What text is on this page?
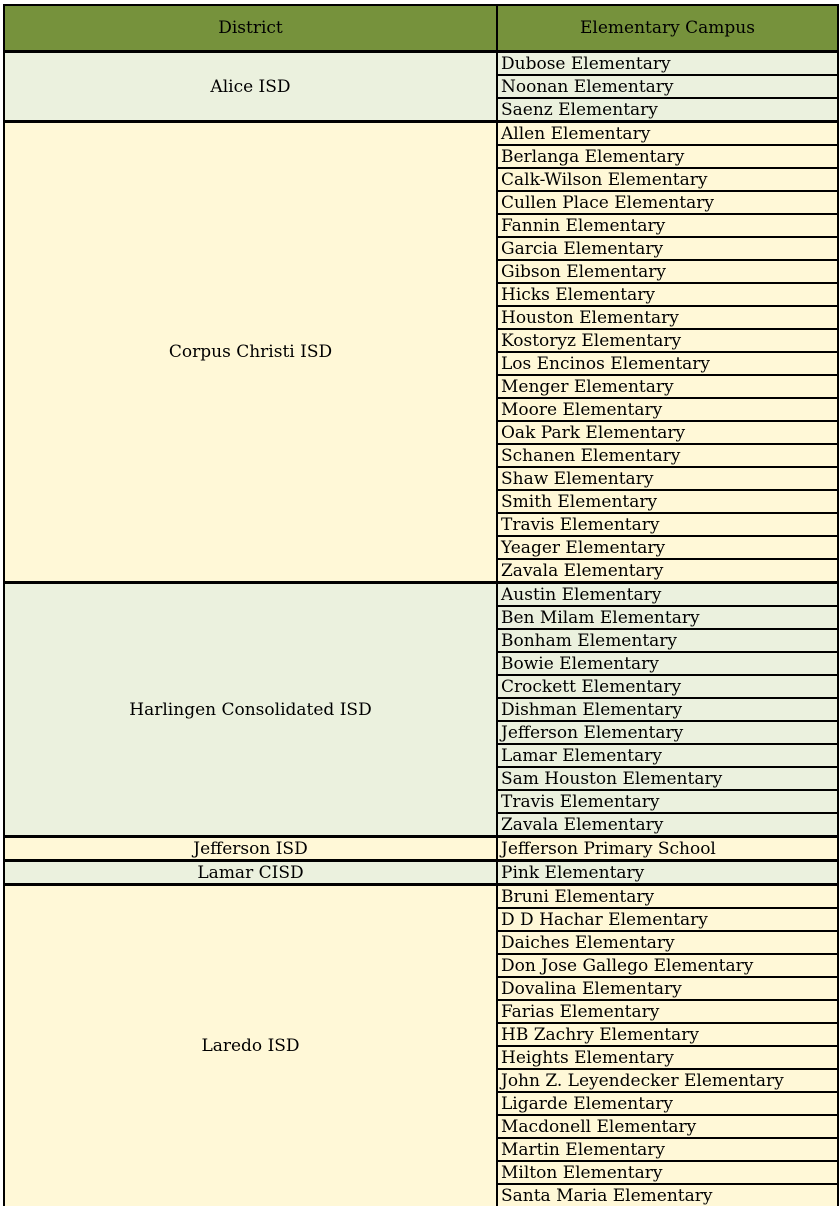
District	Elementary Campus
Alice ISD	Dubose Elementary
	Noonan Elementary
	Saenz Elementary
Corpus Christi ISD	Allen Elementary
	Berlanga Elementary
	Calk-Wilson Elementary
	Cullen Place Elementary
	Fannin Elementary
	Garcia Elementary
	Gibson Elementary
	Hicks Elementary
	Houston Elementary
	Kostoryz Elementary
	Los Encinos Elementary
	Menger Elementary
	Moore Elementary
	Oak Park Elementary
	Schanen Elementary
	Shaw Elementary
	Smith Elementary
	Travis Elementary
	Yeager Elementary
	Zavala Elementary
Harlingen Consolidated ISD	Austin Elementary
	Ben Milam Elementary
	Bonham Elementary
	Bowie Elementary
	Crockett Elementary
	Dishman Elementary
	Jefferson Elementary
	Lamar Elementary
	Sam Houston Elementary
	Travis Elementary
	Zavala Elementary
Jefferson ISD	Jefferson Primary School
Lamar CISD	Pink Elementary
Laredo ISD	Bruni Elementary
	D D Hachar Elementary
	Daiches Elementary
	Don Jose Gallego Elementary
	Dovalina Elementary
	Farias Elementary
	HB Zachry Elementary
	Heights Elementary
	John Z. Leyendecker Elementary
	Ligarde Elementary
	Macdonell Elementary
	Martin Elementary
	Milton Elementary
	Santa Maria Elementary
